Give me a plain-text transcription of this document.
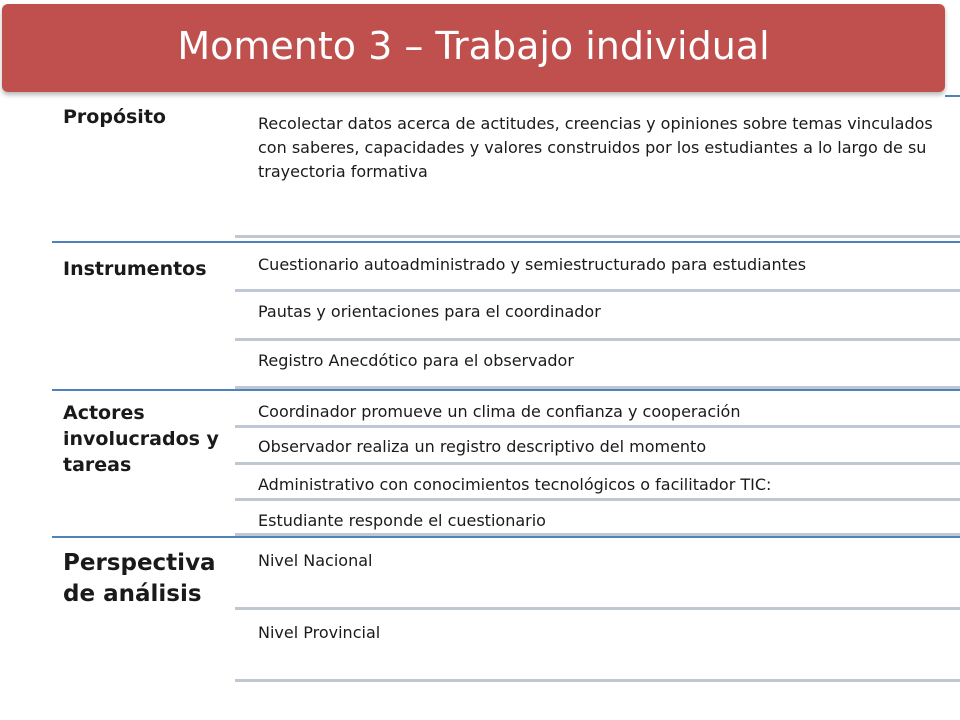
Momento 3 – Trabajo individual
Propósito	Recolectar datos acerca de actitudes, creencias y opiniones sobre temas vinculados con saberes, capacidades y valores construidos por los estudiantes a lo largo de su trayectoria formativa
Instrumentos	Cuestionario autoadministrado y semiestructurado para estudiantes
Pautas y orientaciones para el coordinador
Registro Anecdótico para el observador
Actores involucrados y tareas
Coordinador promueve un clima de confianza y cooperación
Observador realiza un registro descriptivo del momento
Administrativo con conocimientos tecnológicos o facilitador TIC:
Estudiante responde el cuestionario
Perspectiva de análisis
Nivel Nacional
Nivel Provincial
